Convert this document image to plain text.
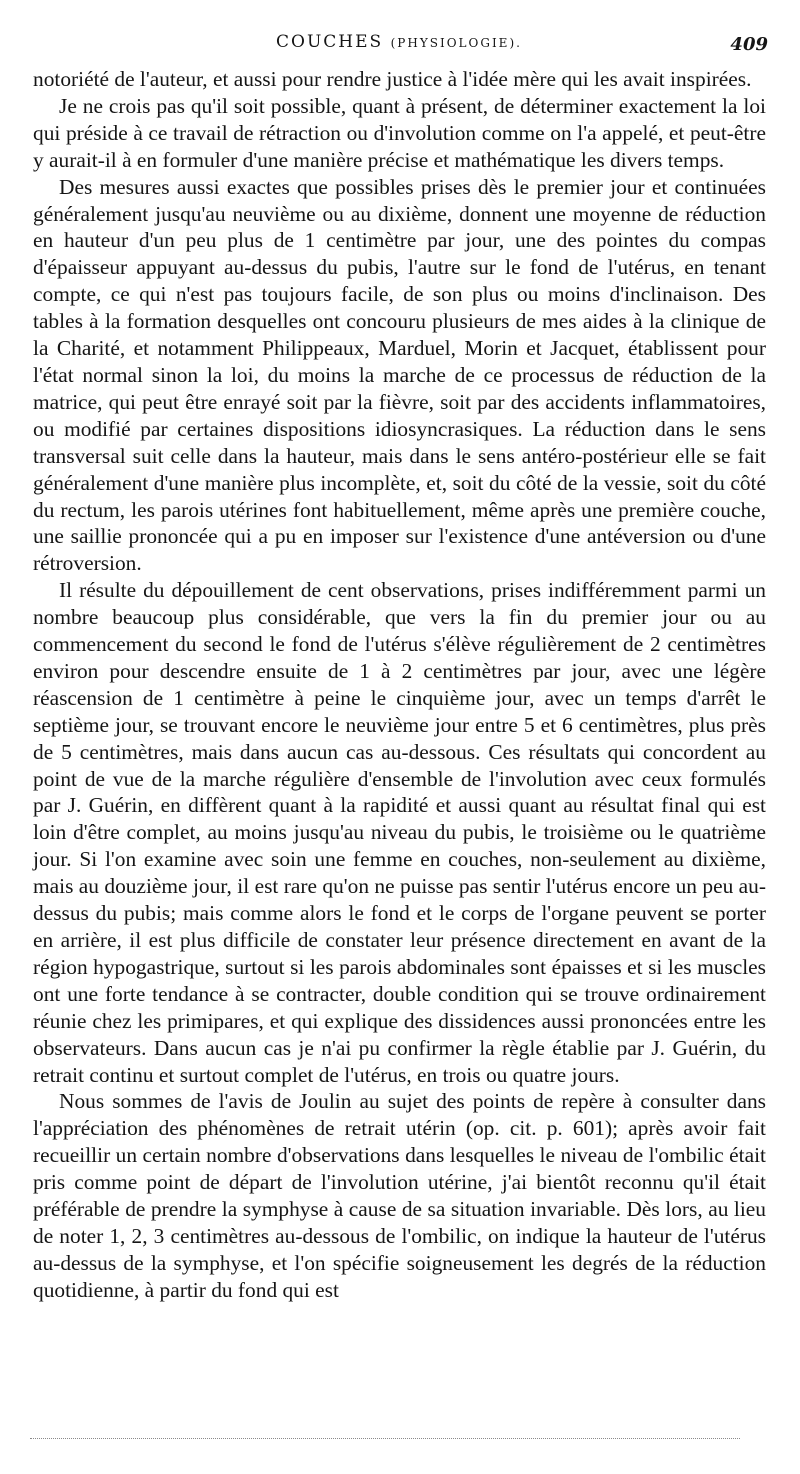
COUCHES (PHYSIOLOGIE).	409

notoriété de l'auteur, et aussi pour rendre justice à l'idée mère qui les avait inspirées.

Je ne crois pas qu'il soit possible, quant à présent, de déterminer exactement la loi qui préside à ce travail de rétraction ou d'involution comme on l'a appelé, et peut-être y aurait-il à en formuler d'une manière précise et mathématique les divers temps.

Des mesures aussi exactes que possibles prises dès le premier jour et continuées généralement jusqu'au neuvième ou au dixième, donnent une moyenne de réduction en hauteur d'un peu plus de 1 centimètre par jour, une des pointes du compas d'épaisseur appuyant au-dessus du pubis, l'autre sur le fond de l'utérus, en tenant compte, ce qui n'est pas toujours facile, de son plus ou moins d'inclinaison. Des tables à la formation desquelles ont concouru plusieurs de mes aides à la clinique de la Charité, et notamment Philippeaux, Marduel, Morin et Jacquet, établissent pour l'état normal sinon la loi, du moins la marche de ce processus de réduction de la matrice, qui peut être enrayé soit par la fièvre, soit par des accidents inflammatoires, ou modifié par certaines dispositions idiosyncrasiques. La réduction dans le sens transversal suit celle dans la hauteur, mais dans le sens antéro-postérieur elle se fait généralement d'une manière plus incomplète, et, soit du côté de la vessie, soit du côté du rectum, les parois utérines font habituellement, même après une première couche, une saillie prononcée qui a pu en imposer sur l'existence d'une antéversion ou d'une rétroversion.

Il résulte du dépouillement de cent observations, prises indifféremment parmi un nombre beaucoup plus considérable, que vers la fin du premier jour ou au commencement du second le fond de l'utérus s'élève régulièrement de 2 centimètres environ pour descendre ensuite de 1 à 2 centimètres par jour, avec une légère réascension de 1 centimètre à peine le cinquième jour, avec un temps d'arrêt le septième jour, se trouvant encore le neuvième jour entre 5 et 6 centimètres, plus près de 5 centimètres, mais dans aucun cas au-dessous. Ces résultats qui concordent au point de vue de la marche régulière d'ensemble de l'involution avec ceux formulés par J. Guérin, en diffèrent quant à la rapidité et aussi quant au résultat final qui est loin d'être complet, au moins jusqu'au niveau du pubis, le troisième ou le quatrième jour. Si l'on examine avec soin une femme en couches, non-seulement au dixième, mais au douzième jour, il est rare qu'on ne puisse pas sentir l'utérus encore un peu au-dessus du pubis; mais comme alors le fond et le corps de l'organe peuvent se porter en arrière, il est plus difficile de constater leur présence directement en avant de la région hypogastrique, surtout si les parois abdominales sont épaisses et si les muscles ont une forte tendance à se contracter, double condition qui se trouve ordinairement réunie chez les primipares, et qui explique des dissidences aussi prononcées entre les observateurs. Dans aucun cas je n'ai pu confirmer la règle établie par J. Guérin, du retrait continu et surtout complet de l'utérus, en trois ou quatre jours.

Nous sommes de l'avis de Joulin au sujet des points de repère à consulter dans l'appréciation des phénomènes de retrait utérin (op. cit. p. 601); après avoir fait recueillir un certain nombre d'observations dans lesquelles le niveau de l'ombilic était pris comme point de départ de l'involution utérine, j'ai bientôt reconnu qu'il était préférable de prendre la symphyse à cause de sa situation invariable. Dès lors, au lieu de noter 1, 2, 3 centimètres au-dessous de l'ombilic, on indique la hauteur de l'utérus au-dessus de la symphyse, et l'on spécifie soigneusement les degrés de la réduction quotidienne, à partir du fond qui est
